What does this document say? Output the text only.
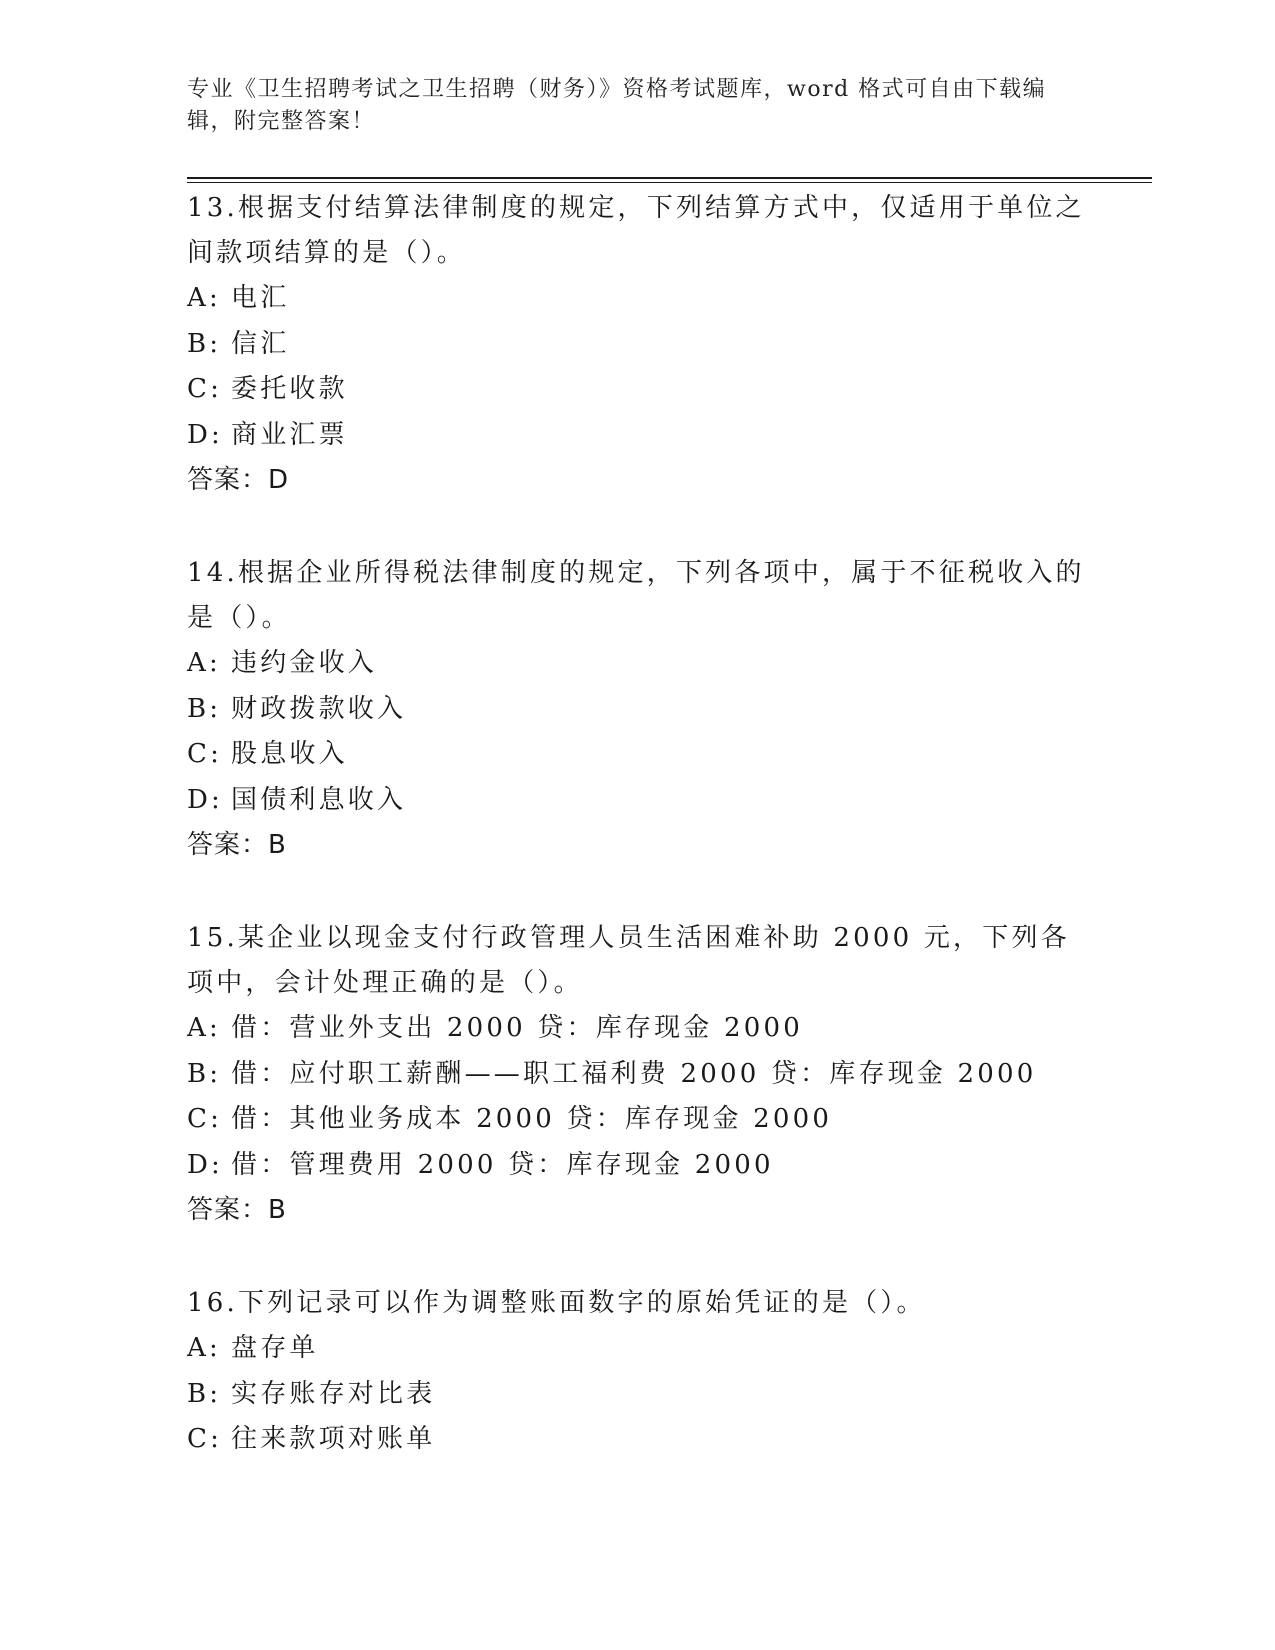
专业《卫生招聘考试之卫生招聘（财务）》资格考试题库，word 格式可自由下载编辑，附完整答案！

13.根据支付结算法律制度的规定，下列结算方式中，仅适用于单位之间款项结算的是（）。

A: 电汇

B: 信汇

C: 委托收款

D: 商业汇票

答案：D

14.根据企业所得税法律制度的规定，下列各项中，属于不征税收入的是（）。

A: 违约金收入

B: 财政拨款收入

C: 股息收入

D: 国债利息收入

答案：B

15.某企业以现金支付行政管理人员生活困难补助 2000 元，下列各项中，会计处理正确的是（）。

A: 借：营业外支出 2000 贷：库存现金 2000

B: 借：应付职工薪酬——职工福利费 2000 贷：库存现金 2000

C: 借：其他业务成本 2000 贷：库存现金 2000

D: 借：管理费用 2000 贷：库存现金 2000

答案：B

16.下列记录可以作为调整账面数字的原始凭证的是（）。

A: 盘存单

B: 实存账存对比表

C: 往来款项对账单
